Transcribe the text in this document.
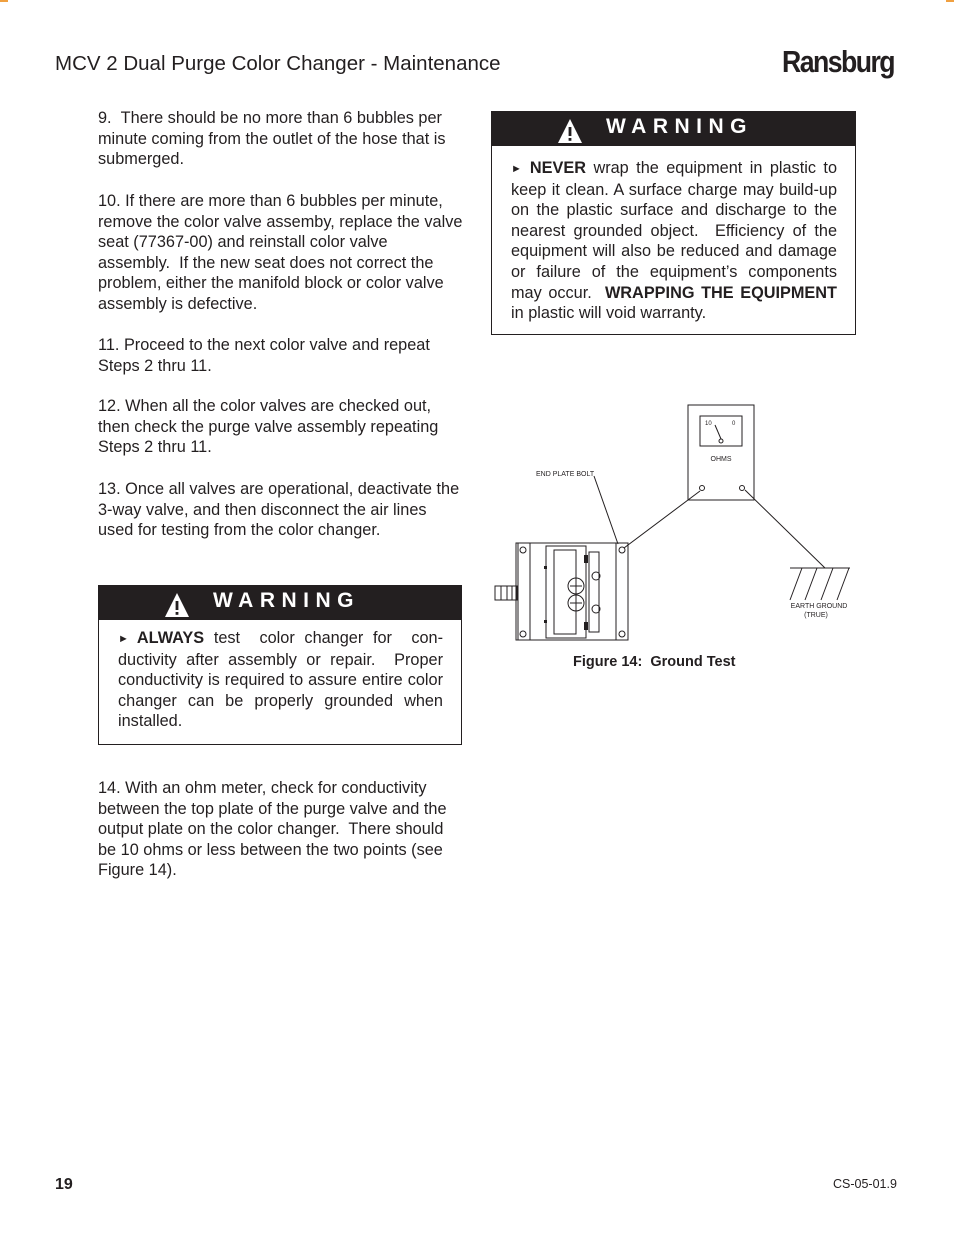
MCV 2 Dual Purge Color Changer - Maintenance	Ransburg

9.  There should be no more than 6 bubbles per minute coming from the outlet of the hose that is submerged.

10. If there are more than 6 bubbles per minute, remove the color valve assemby, replace the valve seat (77367-00) and reinstall color valve assembly.  If the new seat does not correct the problem, either the manifold block or color valve assembly is defective.

11. Proceed to the next color valve and repeat Steps 2 thru 11.

12. When all the color valves are checked out, then check the purge valve assembly repeating Steps 2 thru 11.

13. Once all valves are operational, deactivate the 3-way valve, and then disconnect the air lines used for testing from the color changer.

WARNING
► ALWAYS test  color changer for  con-ductivity after assembly or repair.  Proper conductivity is required to assure entire color changer can be properly grounded when installed.

14. With an ohm meter, check for conductivity between the top plate of the purge valve and the output plate on the color changer.  There should be 10 ohms or less between the two points (see Figure 14).

WARNING
► NEVER wrap the equipment in plastic to keep it clean. A surface charge may build-up on the plastic surface and discharge to the nearest grounded object.  Efficiency of the equipment will also be reduced and damage or failure of the equipment’s components may occur.  WRAPPING THE EQUIPMENT in plastic will void warranty.
10	0
OHMS
END PLATE BOLT
EARTH GROUND
(TRUE)
Figure 14:  Ground Test
19	CS-05-01.9
